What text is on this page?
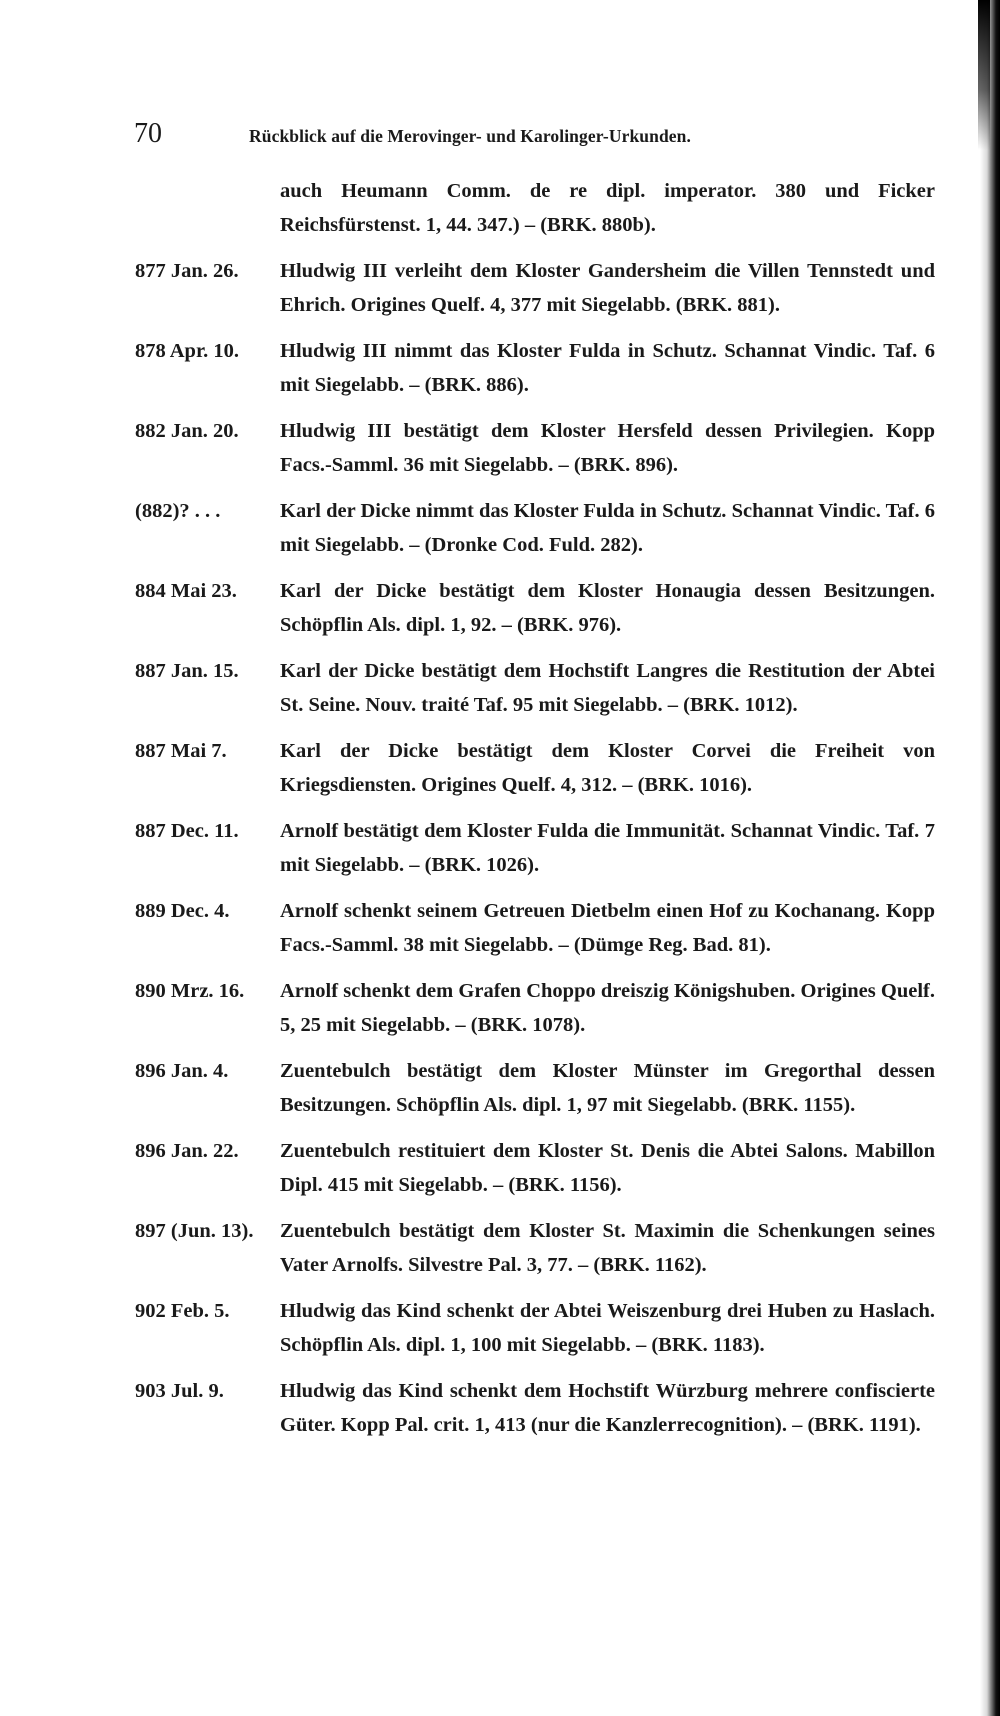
70	Rückblick auf die Merovinger- und Karolinger-Urkunden.
auch Heumann Comm. de re dipl. imperator. 380 und Ficker Reichsfürstenst. 1, 44. 347.) – (BRK. 880b).
877 Jan. 26.	Hludwig III verleiht dem Kloster Gandersheim die Villen Tennstedt und Ehrich. Origines Quelf. 4, 377 mit Siegelabb. (BRK. 881).
878 Apr. 10.	Hludwig III nimmt das Kloster Fulda in Schutz. Schannat Vindic. Taf. 6 mit Siegelabb. – (BRK. 886).
882 Jan. 20.	Hludwig III bestätigt dem Kloster Hersfeld dessen Privilegien. Kopp Facs.-Samml. 36 mit Siegelabb. – (BRK. 896).
(882)? . . .	Karl der Dicke nimmt das Kloster Fulda in Schutz. Schannat Vindic. Taf. 6 mit Siegelabb. – (Dronke Cod. Fuld. 282).
884 Mai 23.	Karl der Dicke bestätigt dem Kloster Honaugia dessen Besitzungen. Schöpflin Als. dipl. 1, 92. – (BRK. 976).
887 Jan. 15.	Karl der Dicke bestätigt dem Hochstift Langres die Restitution der Abtei St. Seine. Nouv. traité Taf. 95 mit Siegelabb. – (BRK. 1012).
887 Mai 7.	Karl der Dicke bestätigt dem Kloster Corvei die Freiheit von Kriegsdiensten. Origines Quelf. 4, 312. – (BRK. 1016).
887 Dec. 11.	Arnolf bestätigt dem Kloster Fulda die Immunität. Schannat Vindic. Taf. 7 mit Siegelabb. – (BRK. 1026).
889 Dec. 4.	Arnolf schenkt seinem Getreuen Dietbelm einen Hof zu Kochanang. Kopp Facs.-Samml. 38 mit Siegelabb. – (Dümge Reg. Bad. 81).
890 Mrz. 16.	Arnolf schenkt dem Grafen Choppo dreiszig Königshuben. Origines Quelf. 5, 25 mit Siegelabb. – (BRK. 1078).
896 Jan. 4.	Zuentebulch bestätigt dem Kloster Münster im Gregorthal dessen Besitzungen. Schöpflin Als. dipl. 1, 97 mit Siegelabb. (BRK. 1155).
896 Jan. 22.	Zuentebulch restituiert dem Kloster St. Denis die Abtei Salons. Mabillon Dipl. 415 mit Siegelabb. – (BRK. 1156).
897 (Jun. 13).	Zuentebulch bestätigt dem Kloster St. Maximin die Schenkungen seines Vater Arnolfs. Silvestre Pal. 3, 77. – (BRK. 1162).
902 Feb. 5.	Hludwig das Kind schenkt der Abtei Weiszenburg drei Huben zu Haslach. Schöpflin Als. dipl. 1, 100 mit Siegelabb. – (BRK. 1183).
903 Jul. 9.	Hludwig das Kind schenkt dem Hochstift Würzburg mehrere confiscierte Güter. Kopp Pal. crit. 1, 413 (nur die Kanzlerrecognition). – (BRK. 1191).
